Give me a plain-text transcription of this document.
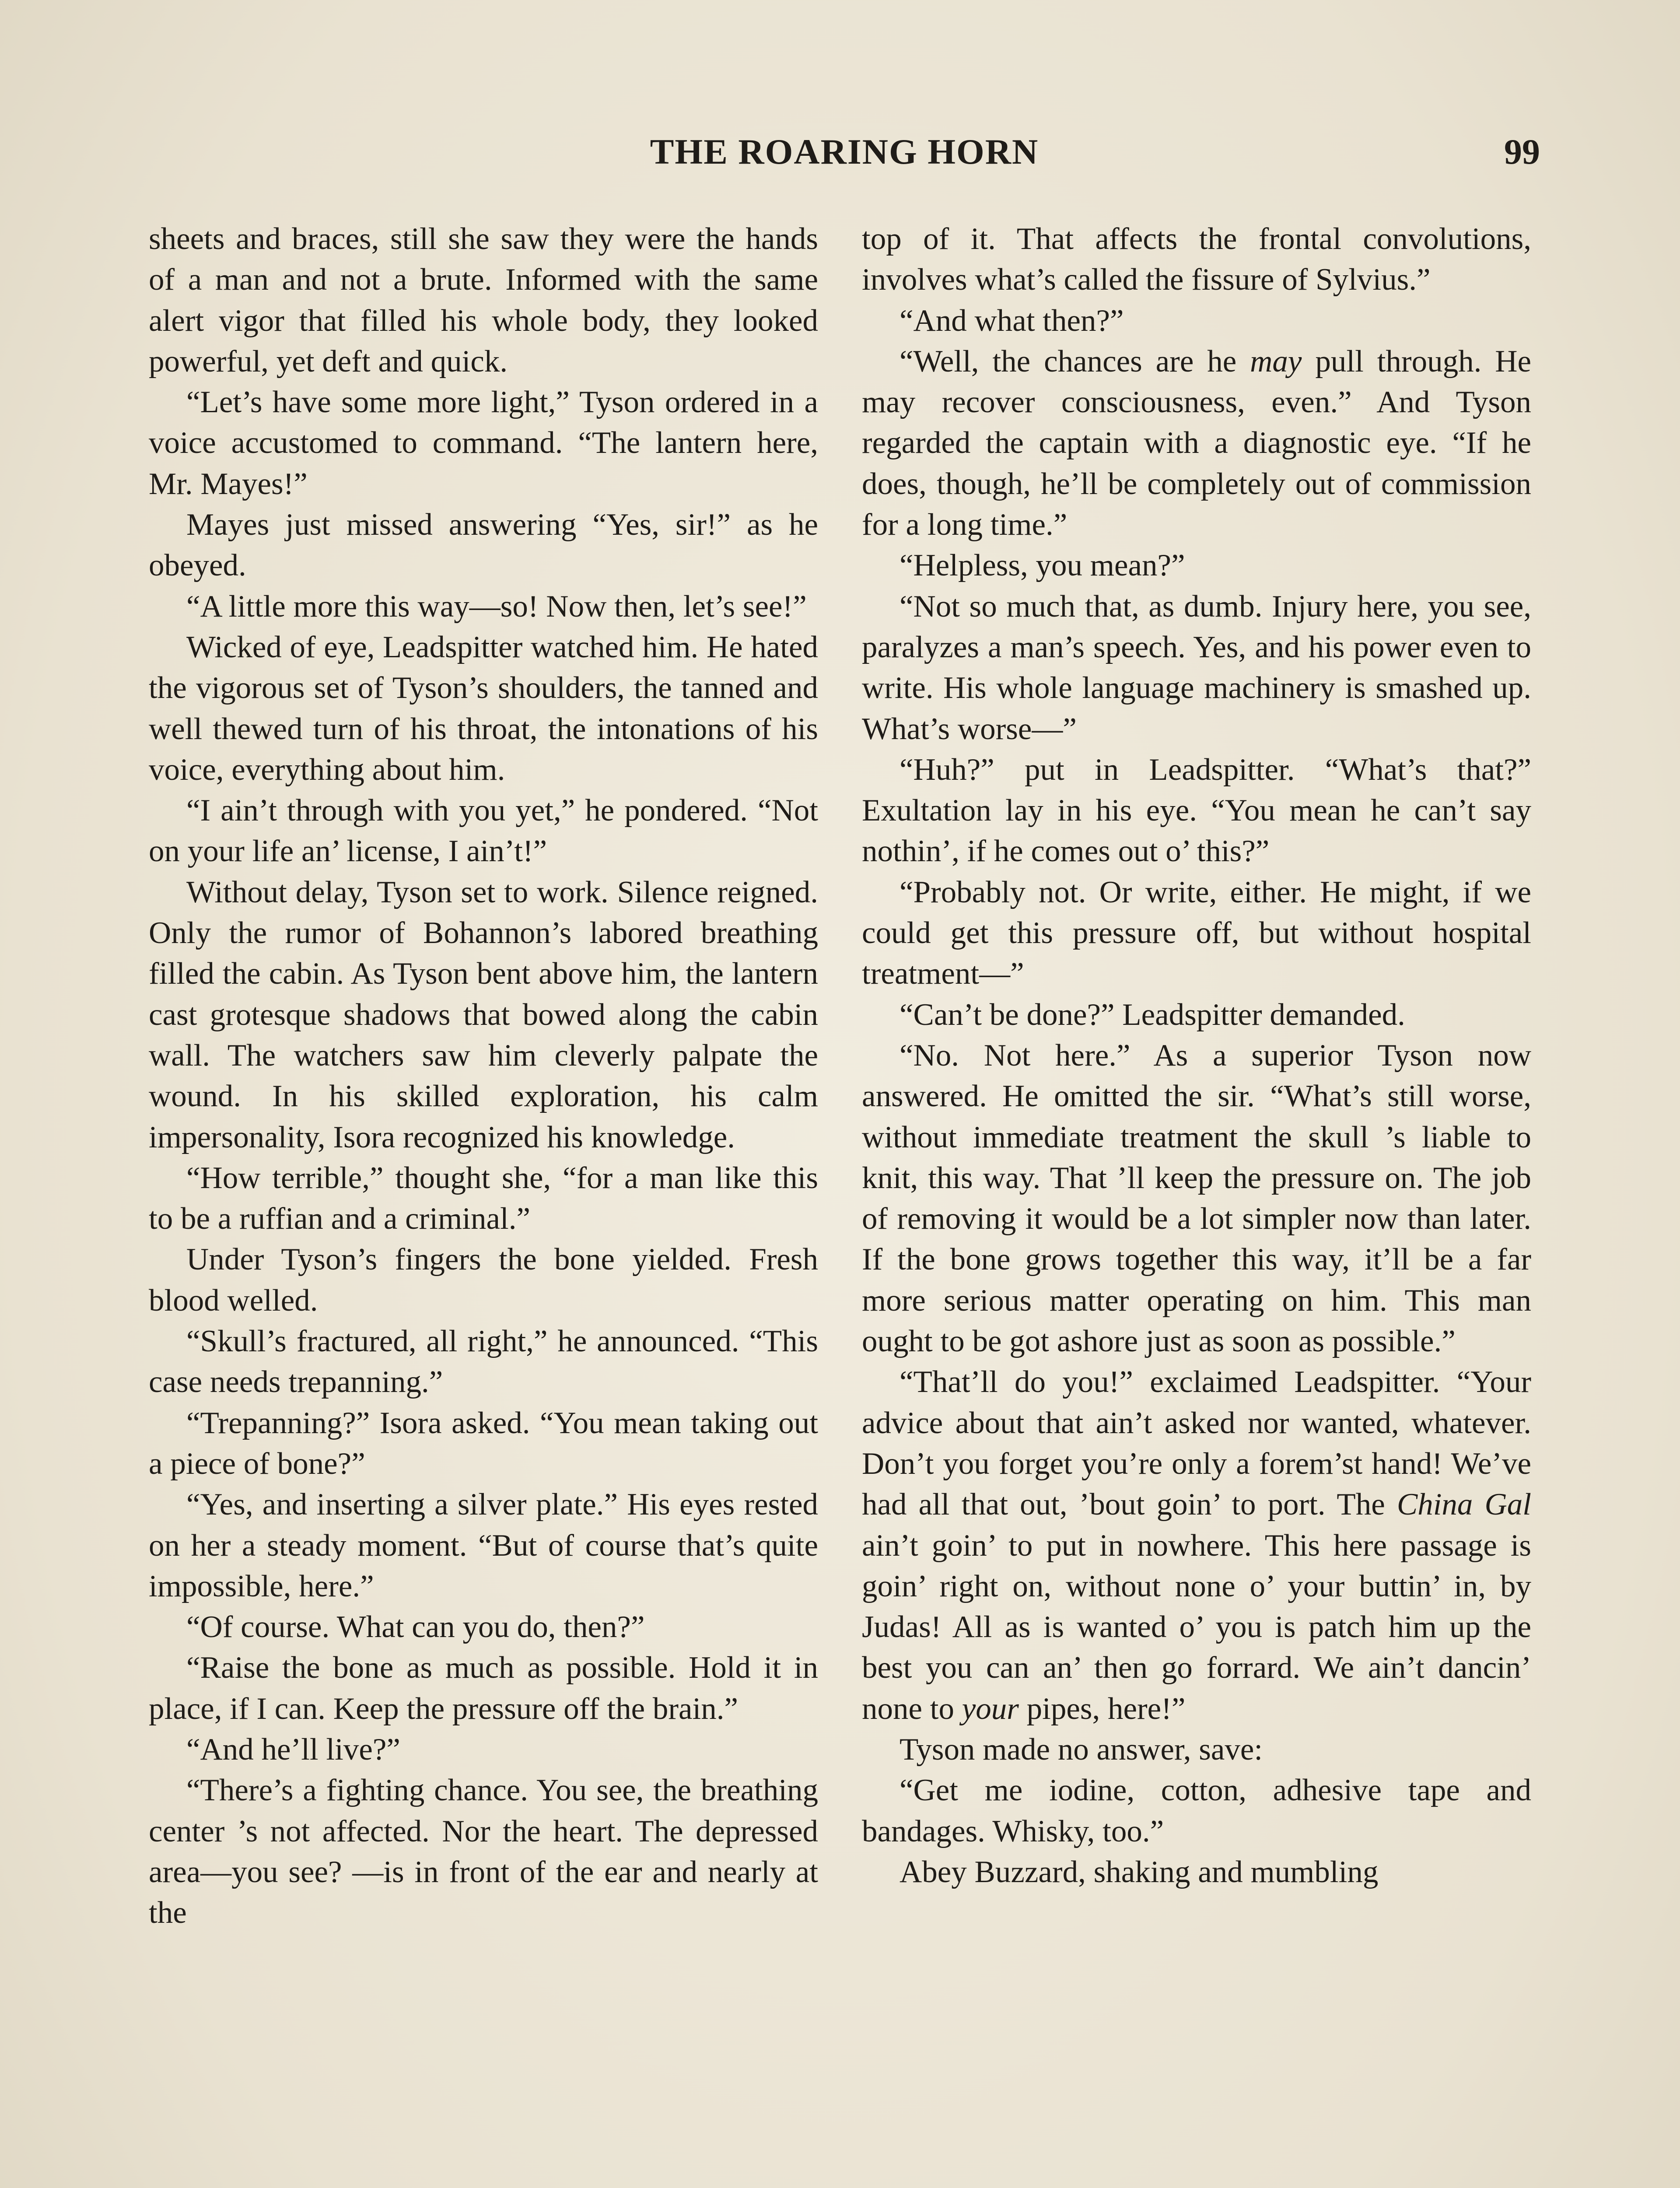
THE ROARING HORN	99

sheets and braces, still she saw they were the hands of a man and not a brute. Informed with the same alert vigor that filled his whole body, they looked powerful, yet deft and quick.

“Let’s have some more light,” Tyson ordered in a voice accustomed to command. “The lantern here, Mr. Mayes!”

Mayes just missed answering “Yes, sir!” as he obeyed.

“A little more this way—so! Now then, let’s see!”

Wicked of eye, Leadspitter watched him. He hated the vigorous set of Tyson’s shoulders, the tanned and well thewed turn of his throat, the intonations of his voice, everything about him.

“I ain’t through with you yet,” he pondered. “Not on your life an’ license, I ain’t!”

Without delay, Tyson set to work. Silence reigned. Only the rumor of Bohannon’s labored breathing filled the cabin. As Tyson bent above him, the lantern cast grotesque shadows that bowed along the cabin wall. The watchers saw him cleverly palpate the wound. In his skilled exploration, his calm impersonality, Isora recognized his knowledge.

“How terrible,” thought she, “for a man like this to be a ruffian and a criminal.”

Under Tyson’s fingers the bone yielded. Fresh blood welled.

“Skull’s fractured, all right,” he announced. “This case needs trepanning.”

“Trepanning?” Isora asked. “You mean taking out a piece of bone?”

“Yes, and inserting a silver plate.” His eyes rested on her a steady moment. “But of course that’s quite impossible, here.”

“Of course. What can you do, then?”

“Raise the bone as much as possible. Hold it in place, if I can. Keep the pressure off the brain.”

“And he’ll live?”

“There’s a fighting chance. You see, the breathing center ’s not affected. Nor the heart. The depressed area—you see? —is in front of the ear and nearly at the

top of it. That affects the frontal convolutions, involves what’s called the fissure of Sylvius.”

“And what then?”

“Well, the chances are he may pull through. He may recover consciousness, even.” And Tyson regarded the captain with a diagnostic eye. “If he does, though, he’ll be completely out of commission for a long time.”

“Helpless, you mean?”

“Not so much that, as dumb. Injury here, you see, paralyzes a man’s speech. Yes, and his power even to write. His whole language machinery is smashed up. What’s worse—”

“Huh?” put in Leadspitter. “What’s that?” Exultation lay in his eye. “You mean he can’t say nothin’, if he comes out o’ this?”

“Probably not. Or write, either. He might, if we could get this pressure off, but without hospital treatment—”

“Can’t be done?” Leadspitter demanded.

“No. Not here.” As a superior Tyson now answered. He omitted the sir. “What’s still worse, without immediate treatment the skull ’s liable to knit, this way. That ’ll keep the pressure on. The job of removing it would be a lot simpler now than later. If the bone grows together this way, it’ll be a far more serious matter operating on him. This man ought to be got ashore just as soon as possible.”

“That’ll do you!” exclaimed Leadspitter. “Your advice about that ain’t asked nor wanted, whatever. Don’t you forget you’re only a forem’st hand! We’ve had all that out, ’bout goin’ to port. The China Gal ain’t goin’ to put in nowhere. This here passage is goin’ right on, without none o’ your buttin’ in, by Judas! All as is wanted o’ you is patch him up the best you can an’ then go forrard. We ain’t dancin’ none to your pipes, here!”

Tyson made no answer, save:

“Get me iodine, cotton, adhesive tape and bandages. Whisky, too.”

Abey Buzzard, shaking and mumbling
